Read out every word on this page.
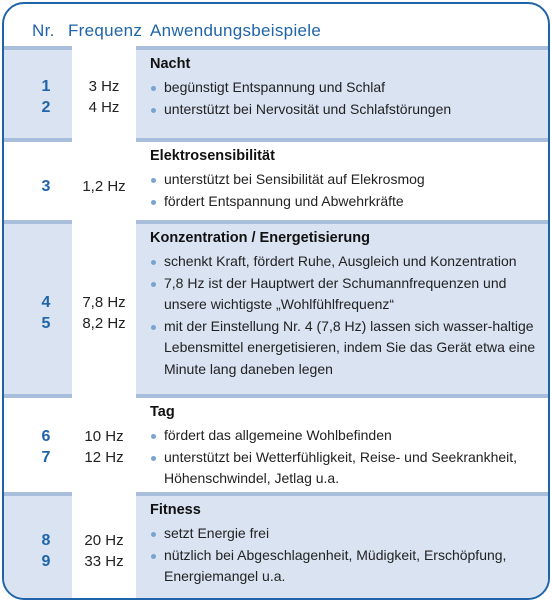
Nr. Frequenz Anwendungsbeispiele
1
2
3 Hz
4 Hz
Nacht
begünstigt Entspannung und Schlaf
unterstützt bei Nervosität und Schlafstörungen
3	1,2 Hz
Elektrosensibilität
unterstützt bei Sensibilität auf Elekrosmog
fördert Entspannung und Abwehrkräfte
4
5
7,8 Hz
8,2 Hz
Konzentration / Energetisierung
schenkt Kraft, fördert Ruhe, Ausgleich und Konzentration
7,8 Hz ist der Hauptwert der Schumannfrequenzen und unsere wichtigste „Wohlfühlfrequenz“
mit der Einstellung Nr. 4 (7,8 Hz) lassen sich wasser-haltige Lebensmittel energetisieren, indem Sie das Gerät etwa eine Minute lang daneben legen
6
7
10 Hz
12 Hz
Tag
fördert das allgemeine Wohlbefinden
unterstützt bei Wetterfühligkeit, Reise- und Seekrankheit, Höhenschwindel, Jetlag u.a.
8
9
20 Hz
33 Hz
Fitness
setzt Energie frei
nützlich bei Abgeschlagenheit, Müdigkeit, Erschöpfung, Energiemangel u.a.
